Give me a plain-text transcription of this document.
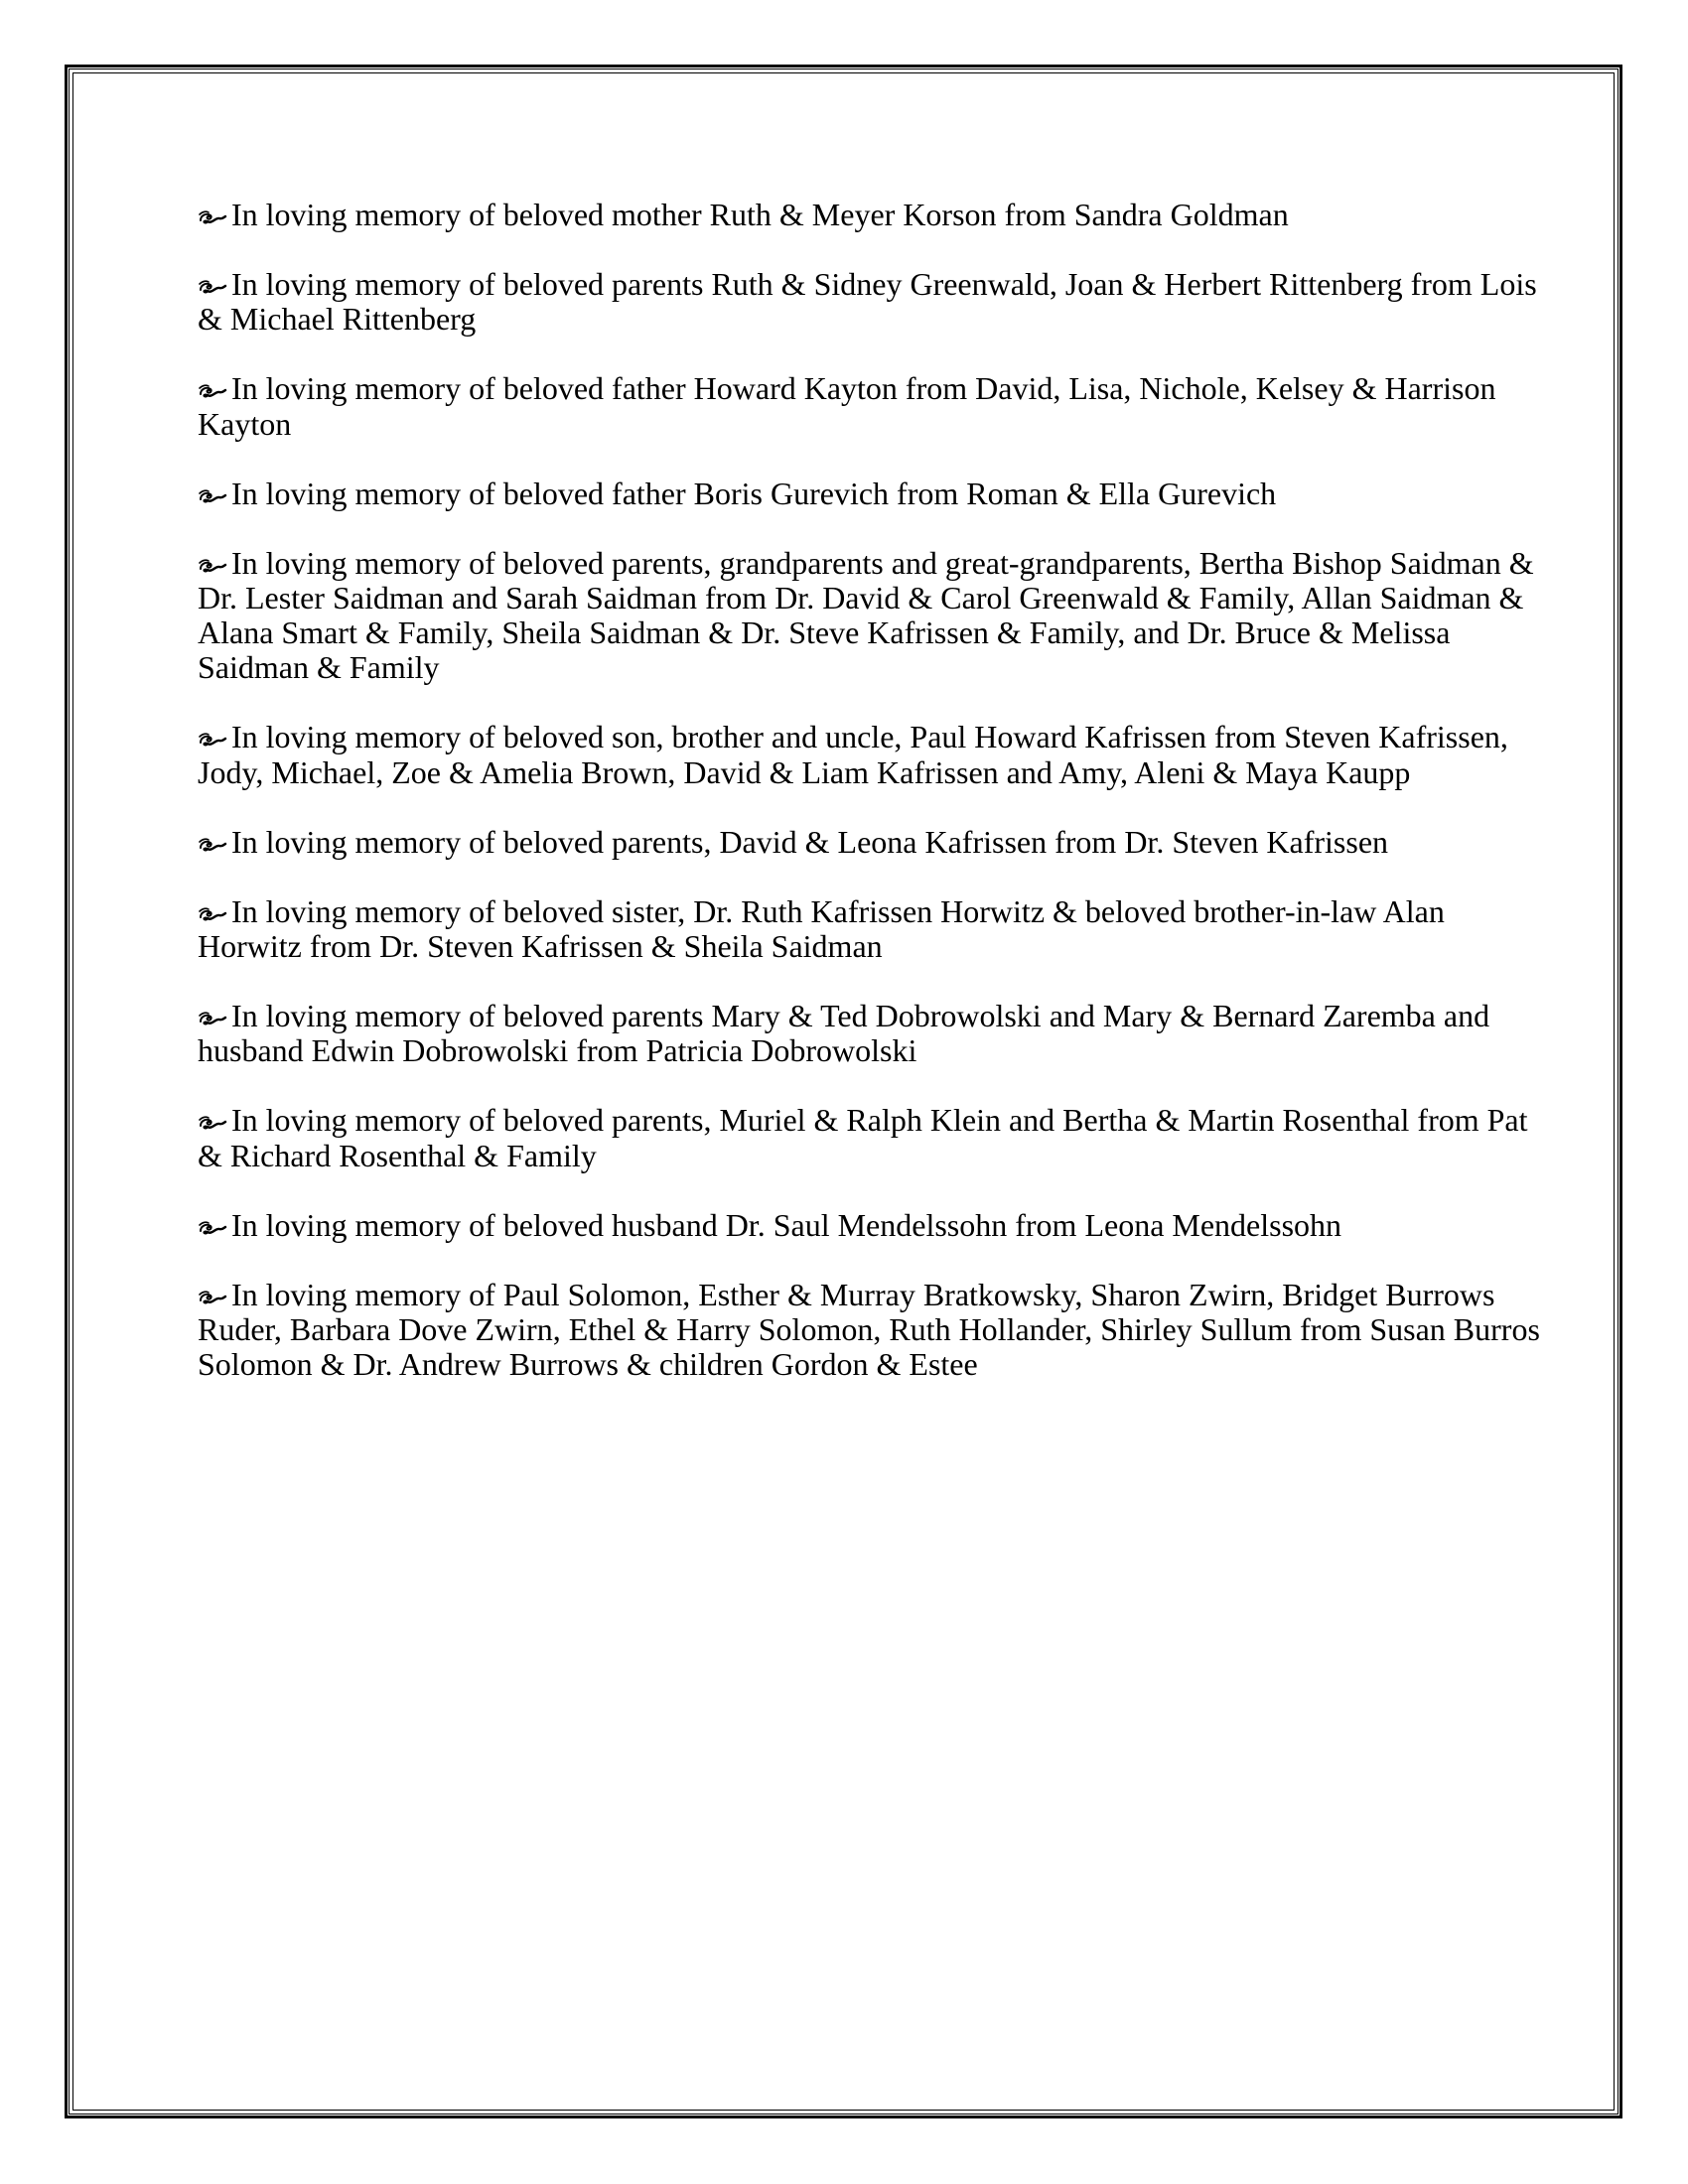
In loving memory of beloved mother Ruth & Meyer Korson from Sandra Goldman
In loving memory of beloved parents Ruth & Sidney Greenwald, Joan & Herbert Rittenberg from Lois
& Michael Rittenberg
In loving memory of beloved father Howard Kayton from David, Lisa, Nichole, Kelsey & Harrison
Kayton
In loving memory of beloved father Boris Gurevich from Roman & Ella Gurevich
In loving memory of beloved parents, grandparents and great-grandparents, Bertha Bishop Saidman &
Dr. Lester Saidman and Sarah Saidman from Dr. David & Carol Greenwald & Family, Allan Saidman &
Alana Smart & Family, Sheila Saidman & Dr. Steve Kafrissen & Family, and Dr. Bruce & Melissa
Saidman & Family
In loving memory of beloved son, brother and uncle, Paul Howard Kafrissen from Steven Kafrissen,
Jody, Michael, Zoe & Amelia Brown, David & Liam Kafrissen and Amy, Aleni & Maya Kaupp
In loving memory of beloved parents, David & Leona Kafrissen from Dr. Steven Kafrissen
In loving memory of beloved sister, Dr. Ruth Kafrissen Horwitz & beloved brother-in-law Alan
Horwitz from Dr. Steven Kafrissen & Sheila Saidman
In loving memory of beloved parents Mary & Ted Dobrowolski and Mary & Bernard Zaremba and
husband Edwin Dobrowolski from Patricia Dobrowolski
In loving memory of beloved parents, Muriel & Ralph Klein and Bertha & Martin Rosenthal from Pat
& Richard Rosenthal & Family
In loving memory of beloved husband Dr. Saul Mendelssohn from Leona Mendelssohn
In loving memory of Paul Solomon, Esther & Murray Bratkowsky, Sharon Zwirn, Bridget Burrows
Ruder, Barbara Dove Zwirn, Ethel & Harry Solomon, Ruth Hollander, Shirley Sullum from Susan Burros
Solomon & Dr. Andrew Burrows & children Gordon & Estee
